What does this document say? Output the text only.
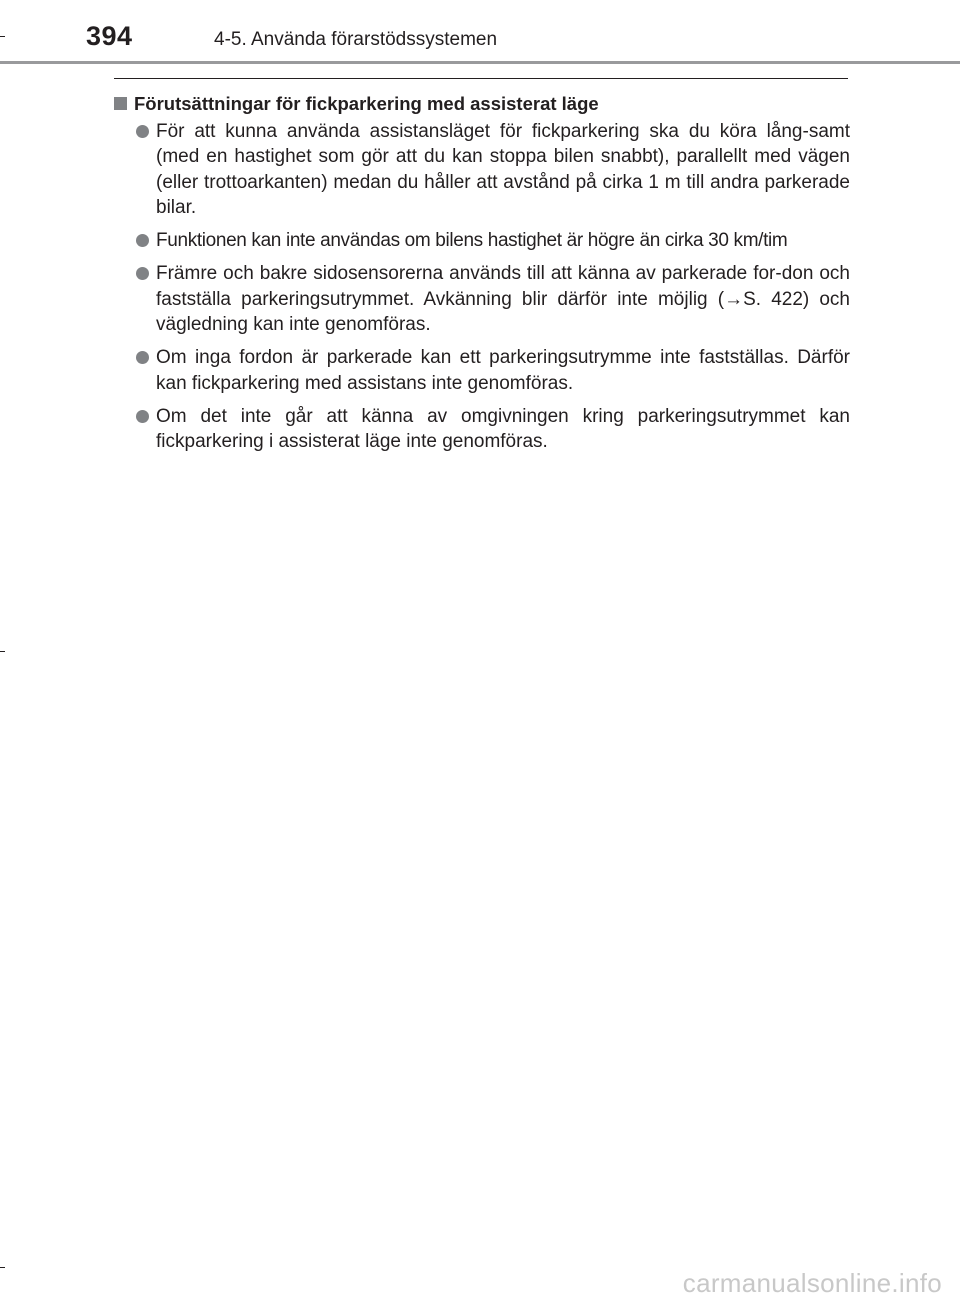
394	4-5. Använda förarstödssystemen
Förutsättningar för fickparkering med assisterat läge
För att kunna använda assistansläget för fickparkering ska du köra lång-samt (med en hastighet som gör att du kan stoppa bilen snabbt), parallellt med vägen (eller trottoarkanten) medan du håller att avstånd på cirka 1 m till andra parkerade bilar.
Funktionen kan inte användas om bilens hastighet är högre än cirka 30 km/tim
Främre och bakre sidosensorerna används till att känna av parkerade for-don och fastställa parkeringsutrymmet. Avkänning blir därför inte möjlig (→S. 422) och vägledning kan inte genomföras.
Om inga fordon är parkerade kan ett parkeringsutrymme inte fastställas. Därför kan fickparkering med assistans inte genomföras.
Om det inte går att känna av omgivningen kring parkeringsutrymmet kan fickparkering i assisterat läge inte genomföras.
carmanualsonline.info
